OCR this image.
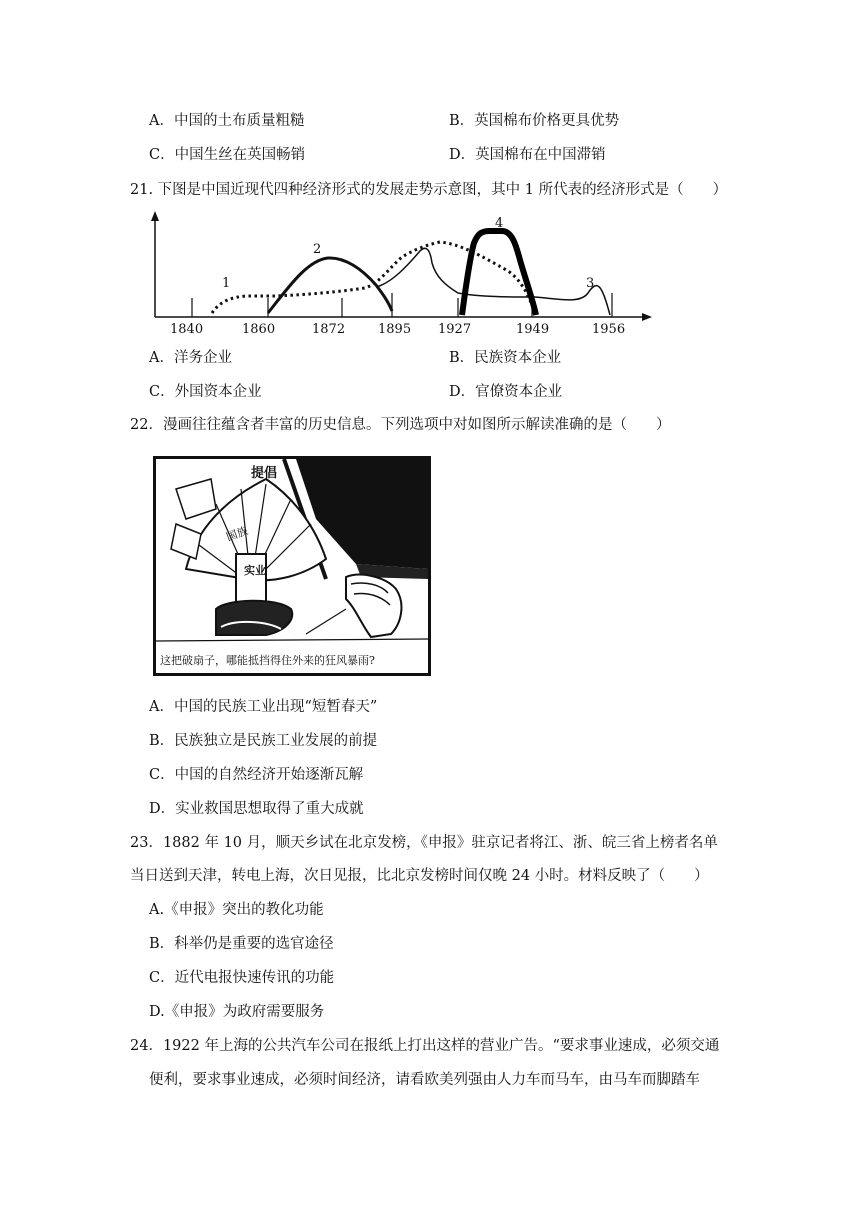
A．中国的土布质量粗糙	B．英国棉布价格更具优势
C．中国生丝在英国畅销	D．英国棉布在中国滞销
21. 下图是中国近现代四种经济形式的发展走势示意图，其中 1 所代表的经济形式是（　　）
1840	1860	1872	1895 1927	1949	1956
1
2
3
4
A．洋务企业	B．民族资本企业
C．外国资本企业	D．官僚资本企业
22．漫画往往蕴含者丰富的历史信息。下列选项中对如图所示解读准确的是（　　）
提倡
国族
实业
这把破扇子，哪能抵挡得住外来的狂风暴雨?
A．中国的民族工业出现“短暂春天”
B．民族独立是民族工业发展的前提
C．中国的自然经济开始逐渐瓦解
D．实业救国思想取得了重大成就
23．1882 年 10 月，顺天乡试在北京发榜，《申报》驻京记者将江、浙、皖三省上榜者名单
当日送到天津，转电上海，次日见报，比北京发榜时间仅晚 24 小时。材料反映了（　　）
A.《申报》突出的教化功能
B．科举仍是重要的选官途径
C．近代电报快速传讯的功能
D.《申报》为政府需要服务
24．1922 年上海的公共汽车公司在报纸上打出这样的营业广告。“要求事业速成，必须交通
便利，要求事业速成，必须时间经济，请看欧美列强由人力车而马车，由马车而脚踏车
